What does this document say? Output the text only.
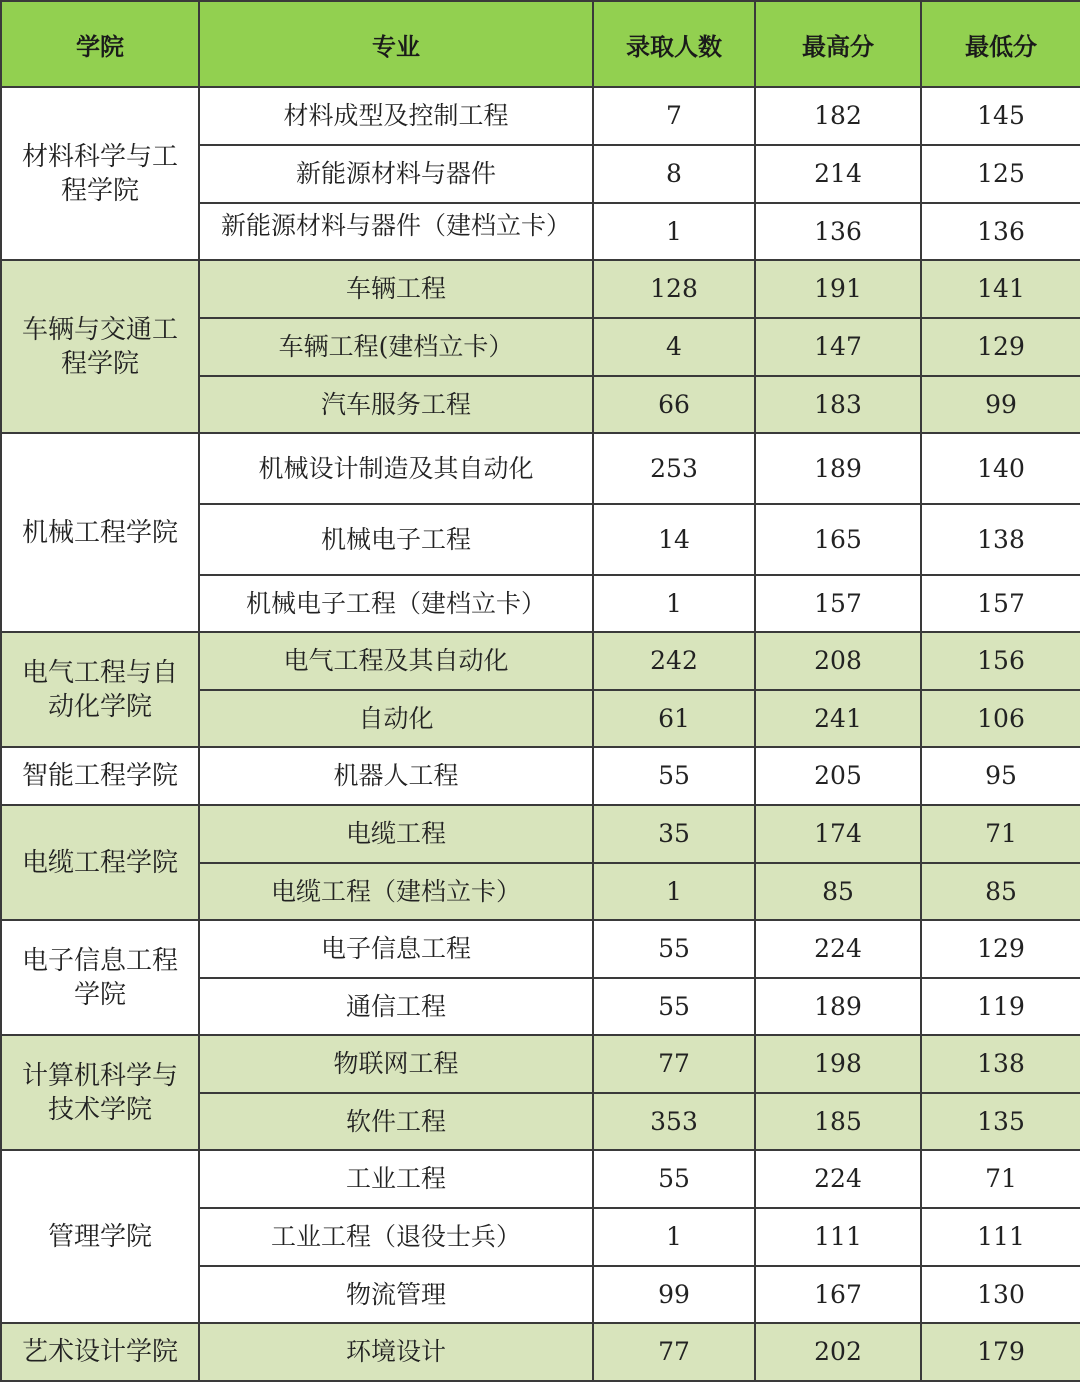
学院	专业	录取人数	最高分	最低分
材料科学与工程学院	材料成型及控制工程	7	182	145
	新能源材料与器件	8	214	125

	新能源材料与器件（建档立卡）	1	136	136
车辆与交通工程学院	车辆工程	128	191	141
	车辆工程(建档立卡）	4	147	129
	汽车服务工程	66	183	99
机械工程学院	机械设计制造及其自动化	253	189	140
	机械电子工程	14	165	138
	机械电子工程（建档立卡）	1	157	157
电气工程与自动化学院	电气工程及其自动化	242	208	156
	自动化	61	241	106
智能工程学院	机器人工程	55	205	95
电缆工程学院	电缆工程	35	174	71
	电缆工程（建档立卡）	1	85	85
电子信息工程学院	电子信息工程	55	224	129
	通信工程	55	189	119
计算机科学与技术学院	物联网工程	77	198	138
	软件工程	353	185	135
管理学院	工业工程	55	224	71
	工业工程（退役士兵）	1	111	111
	物流管理	99	167	130
艺术设计学院	环境设计	77	202	179
